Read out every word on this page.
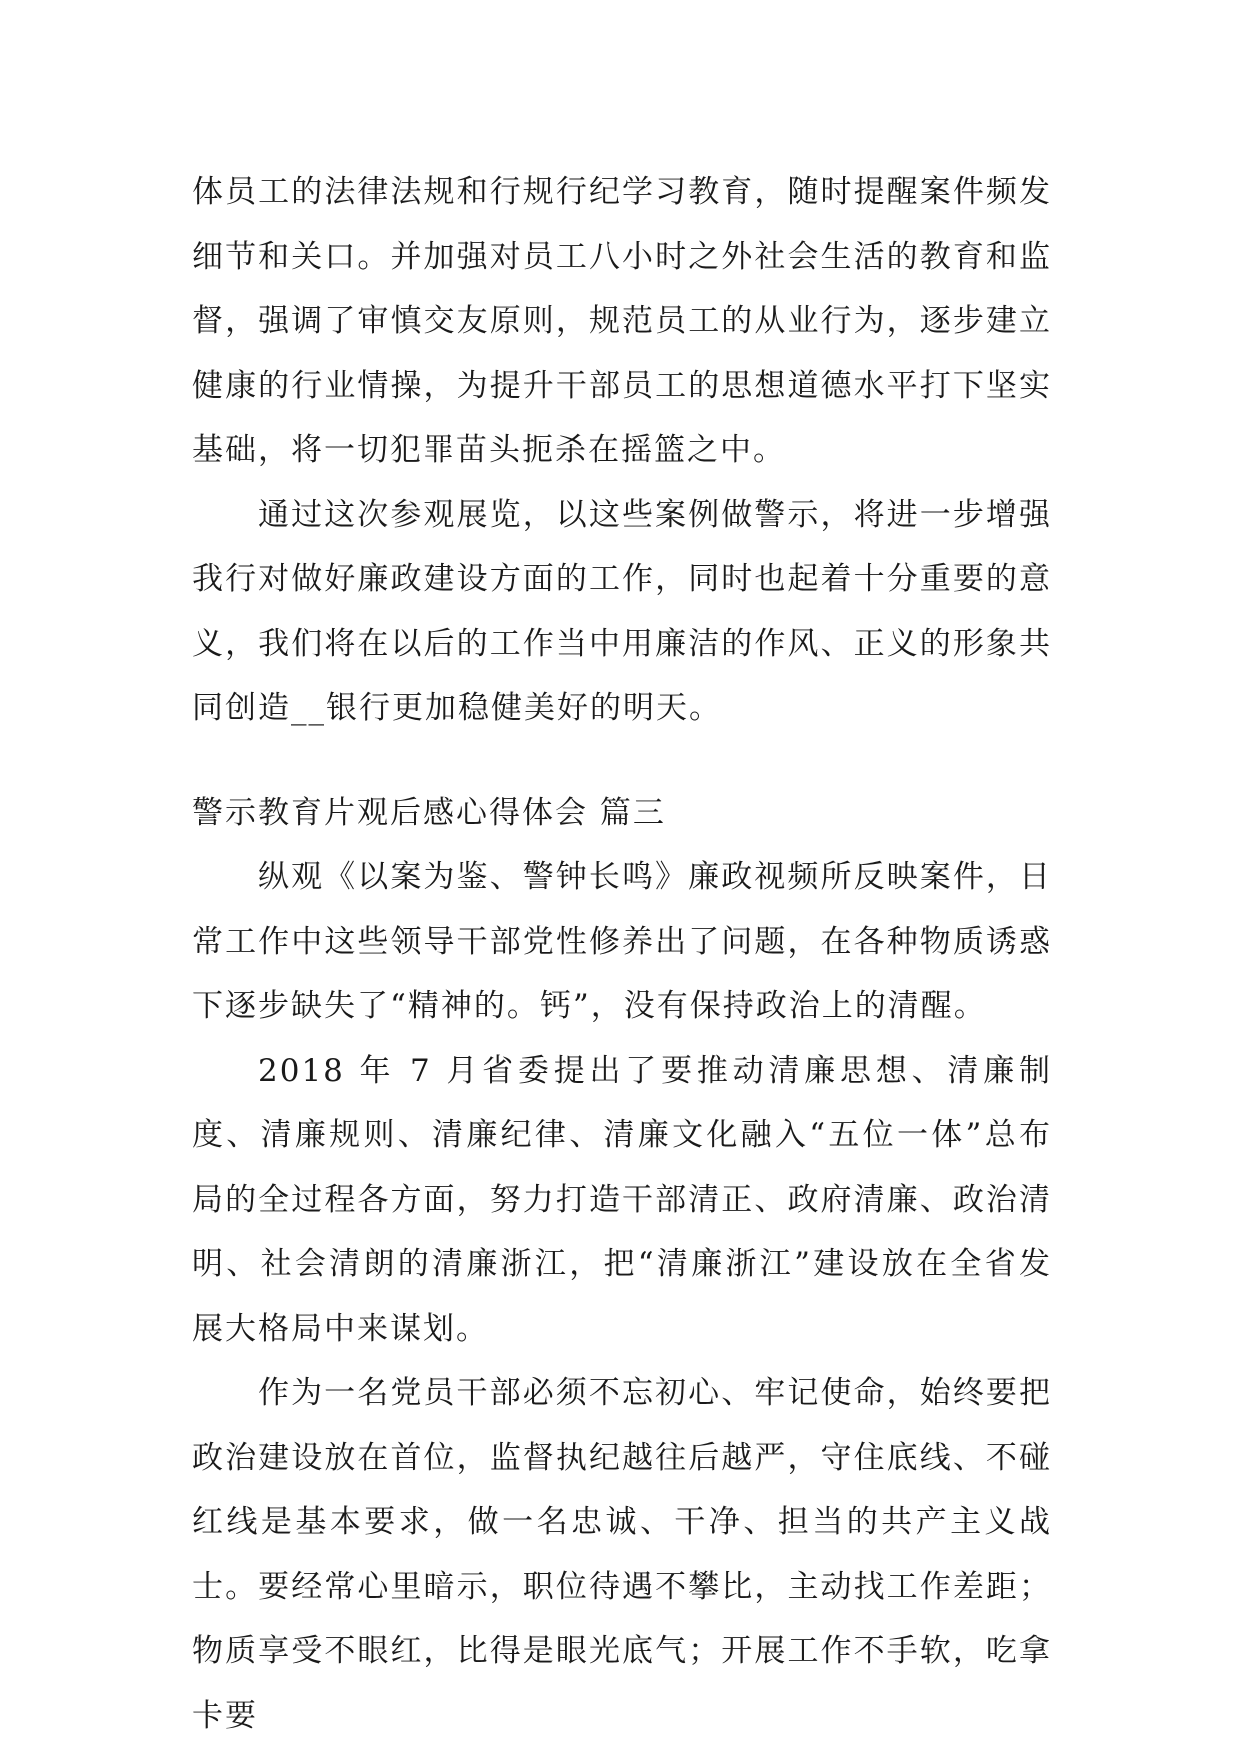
体员工的法律法规和行规行纪学习教育，随时提醒案件频发细节和关口。并加强对员工八小时之外社会生活的教育和监督，强调了审慎交友原则，规范员工的从业行为，逐步建立健康的行业情操，为提升干部员工的思想道德水平打下坚实基础，将一切犯罪苗头扼杀在摇篮之中。

通过这次参观展览，以这些案例做警示，将进一步增强我行对做好廉政建设方面的工作，同时也起着十分重要的意义，我们将在以后的工作当中用廉洁的作风、正义的形象共同创造__银行更加稳健美好的明天。

警示教育片观后感心得体会 篇三

纵观《以案为鉴、警钟长鸣》廉政视频所反映案件，日常工作中这些领导干部党性修养出了问题，在各种物质诱惑下逐步缺失了“精神的。钙”，没有保持政治上的清醒。

2018 年 7 月省委提出了要推动清廉思想、清廉制度、清廉规则、清廉纪律、清廉文化融入“五位一体”总布局的全过程各方面，努力打造干部清正、政府清廉、政治清明、社会清朗的清廉浙江，把“清廉浙江”建设放在全省发展大格局中来谋划。

作为一名党员干部必须不忘初心、牢记使命，始终要把政治建设放在首位，监督执纪越往后越严，守住底线、不碰红线是基本要求，做一名忠诚、干净、担当的共产主义战士。要经常心里暗示，职位待遇不攀比，主动找工作差距；物质享受不眼红，比得是眼光底气；开展工作不手软，吃拿卡要
